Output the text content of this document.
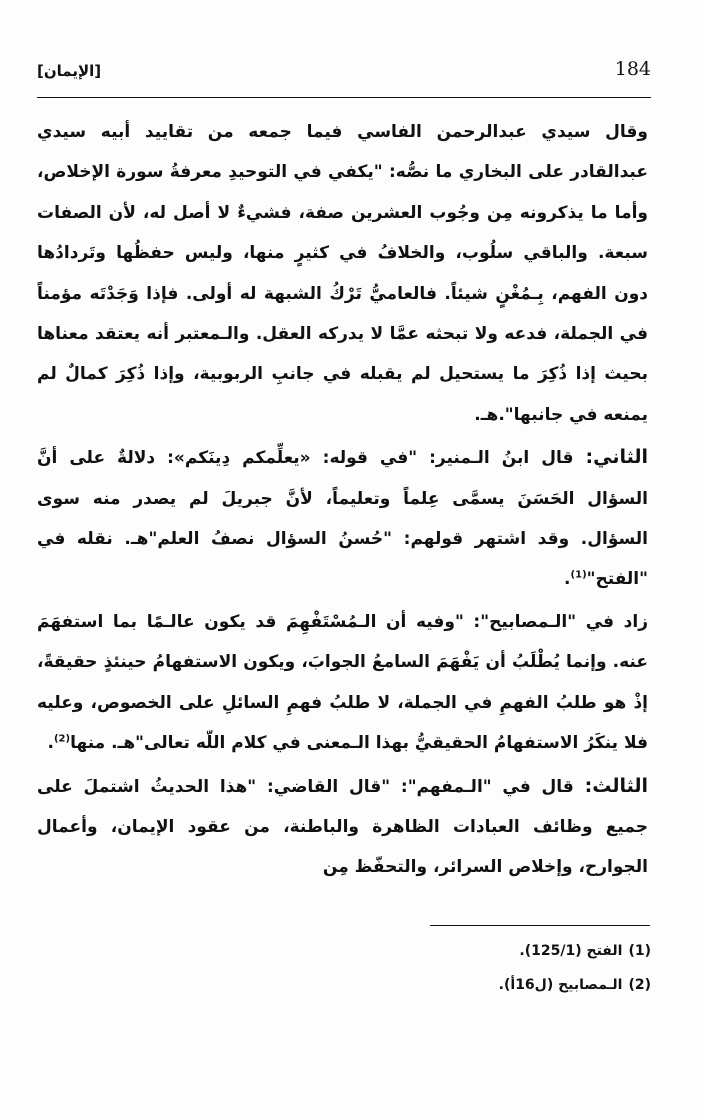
184
[الإيمان]

وقال سيدي عبدالرحمن الفاسي فيما جمعه من تقاييد أبيه سيدي عبدالقادر على البخاري ما نصُّه: "يكفي في التوحيدِ معرفةُ سورة الإخلاص، وأما ما يذكرونه مِن وجُوب العشرين صفة، فشيءٌ لا أصل له، لأن الصفات سبعة. والباقي سلُوب، والخلافُ في كثيرٍ منها، وليس حفظُها وتَردادُها دون الفهم، بِـمُغْنٍ شيئاً. فالعاميُّ تَرْكُ الشبهة له أولى. فإذا وَجَدْتَه مؤمناً في الجملة، فدعه ولا تبحثه عمَّا لا يدركه العقل. والـمعتبر أنه يعتقد معناها بحيث إذا ذُكِرَ ما يستحيل لم يقبله في جانبِ الربوبية، وإذا ذُكِرَ كمالٌ لم يمنعه في جانبها".هـ.

الثاني: قال ابنُ الـمنير: "في قوله: «يعلِّمكم دِينَكم»: دلالةٌ على أنَّ السؤال الحَسَنَ يسمَّى عِلماً وتعليماً، لأنَّ جبريلَ لم يصدر منه سوى السؤال. وقد اشتهر قولهم: "حُسنُ السؤال نصفُ العلم"هـ. نقله في "الفتح"$^{(1)}$.

زاد في "الـمصابيح": "وفيه أن الـمُسْتَفْهِمَ قد يكون عالـمًا بما استفهَمَ عنه. وإنما يُطْلَبُ أن يَفْهَمَ السامعُ الجوابَ، ويكون الاستفهامُ حينئذٍ حقيقةً، إذْ هو طلبُ الفهمِ في الجملة، لا طلبُ فهمِ السائلِ على الخصوص، وعليه فلا ينكَرُ الاستفهامُ الحقيقيُّ بهذا الـمعنى في كلام اللّه تعالى"هـ. منها$^{(2)}$.

الثالث: قال في "الـمفهم": "قال القاضي: "هذا الحديثُ اشتملَ على جميع وظائف العبادات الظاهرة والباطنة، من عقود الإيمان، وأعمال الجوارح، وإخلاص السرائر، والتحفّظ مِن

(1)الفتح (125/1).
(2)الـمصابيح (ل16أ).
